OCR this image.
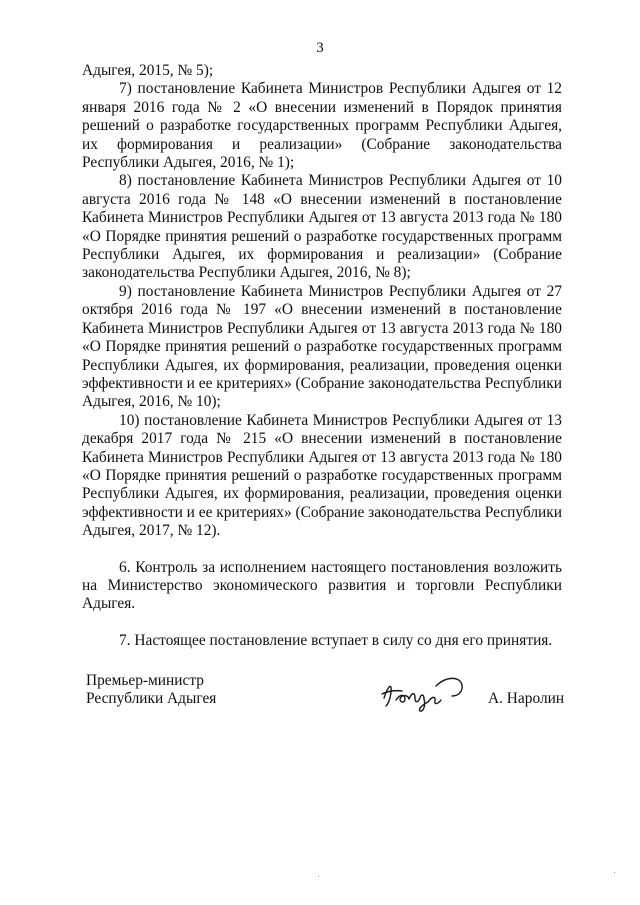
3

Адыгея, 2015, № 5);

7) постановление Кабинета Министров Республики Адыгея от 12 января 2016 года № 2 «О внесении изменений в Порядок принятия решений о разработке государственных программ Республики Адыгея, их формирования и реализации» (Собрание законодательства Республики Адыгея, 2016, № 1);

8) постановление Кабинета Министров Республики Адыгея от 10 августа 2016 года № 148 «О внесении изменений в постановление Кабинета Министров Республики Адыгея от 13 августа 2013 года № 180 «О Порядке принятия решений о разработке государственных программ Республики Адыгея, их формирования и реализации» (Собрание законодательства Республики Адыгея, 2016, № 8);

9) постановление Кабинета Министров Республики Адыгея от 27 октября 2016 года № 197 «О внесении изменений в постановление Кабинета Министров Республики Адыгея от 13 августа 2013 года № 180 «О Порядке принятия решений о разработке государственных программ Республики Адыгея, их формирования, реализации, проведения оценки эффективности и ее критериях» (Собрание законодательства Республики Адыгея, 2016, № 10);

10) постановление Кабинета Министров Республики Адыгея от 13 декабря 2017 года № 215 «О внесении изменений в постановление Кабинета Министров Республики Адыгея от 13 августа 2013 года № 180 «О Порядке принятия решений о разработке государственных программ Республики Адыгея, их формирования, реализации, проведения оценки эффективности и ее критериях» (Собрание законодательства Республики Адыгея, 2017, № 12).

6. Контроль за исполнением настоящего постановления возложить на Министерство экономического развития и торговли Республики Адыгея.

7. Настоящее постановление вступает в силу со дня его принятия.

Премьер-министр
Республики Адыгея	А. Наролин
